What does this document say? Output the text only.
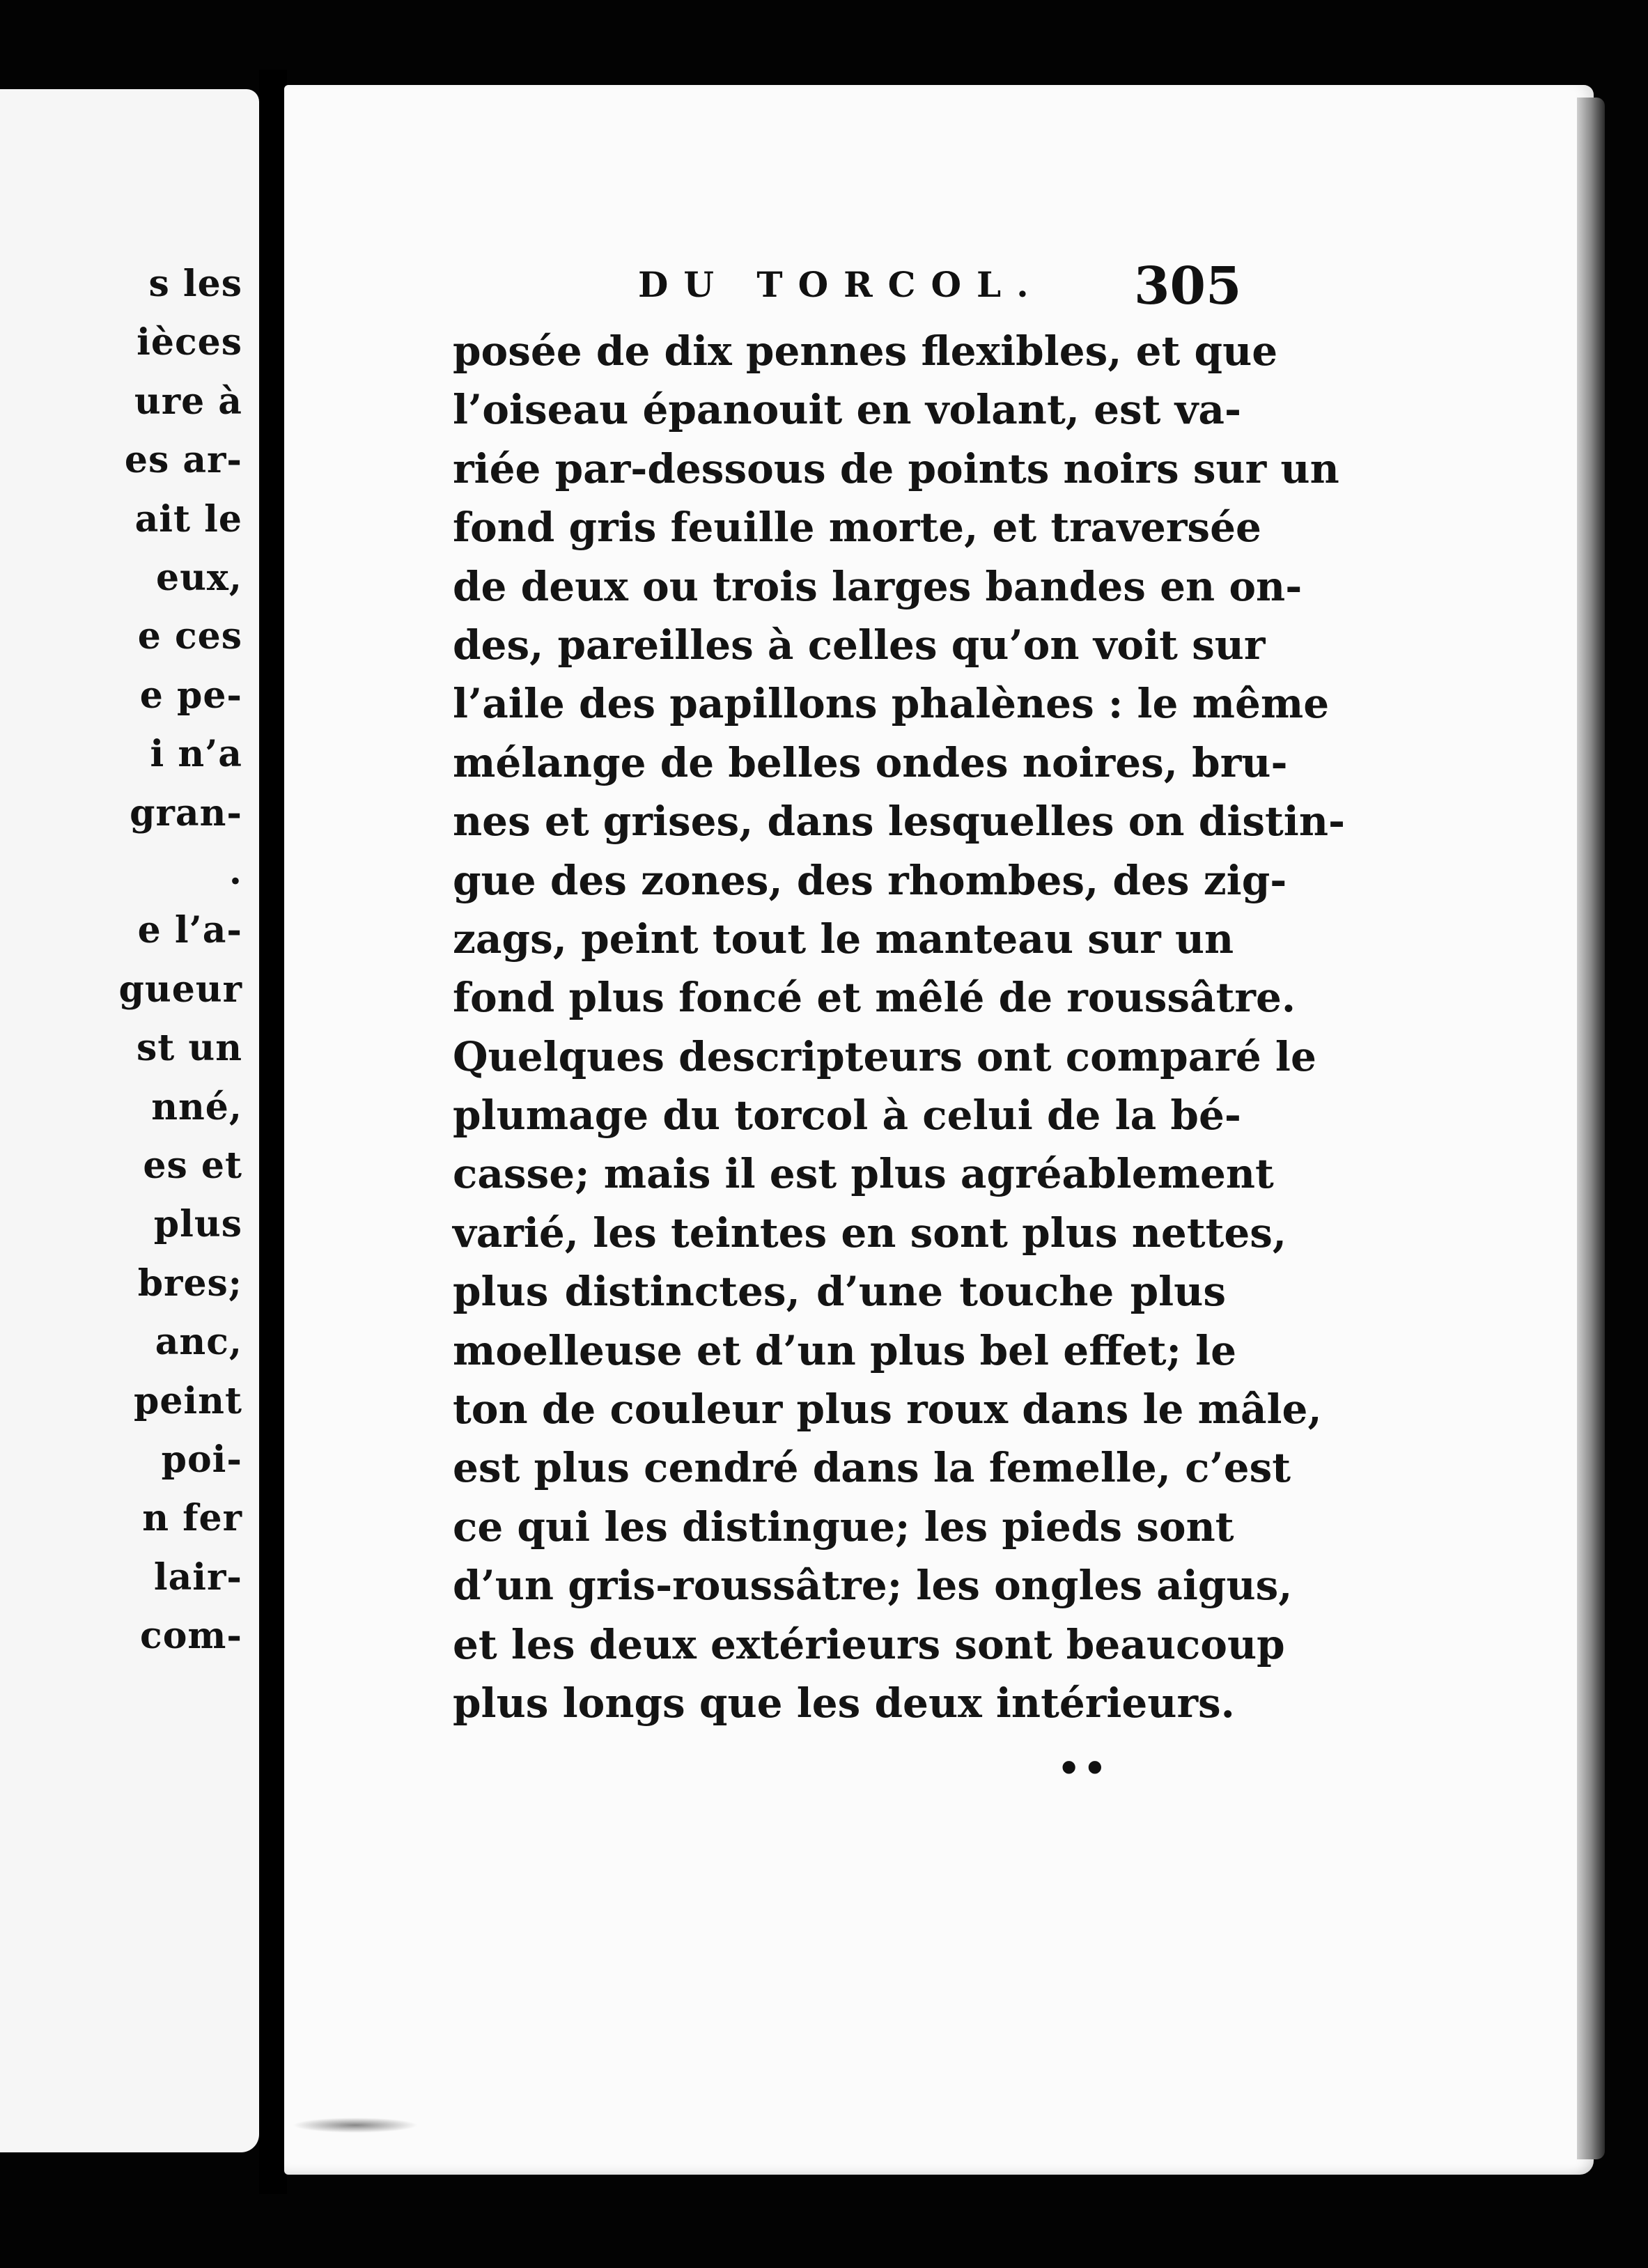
s les
ièces
ure à
es ar-
ait le
eux,
e ces
e pe-
i n’a
gran-
.
e l’a-
gueur
st un
nné,
es et
plus
bres;
anc,
peint
poi-
n fer
lair-
com-
DU TORCOL. 305
posée de dix pennes flexibles, et que
l’oiseau épanouit en volant, est va-
riée par-dessous de points noirs sur un
fond gris feuille morte, et traversée
de deux ou trois larges bandes en on-
des, pareilles à celles qu’on voit sur
l’aile des papillons phalènes : le même
mélange de belles ondes noires, bru-
nes et grises, dans lesquelles on distin-
gue des zones, des rhombes, des zig-
zags, peint tout le manteau sur un
fond plus foncé et mêlé de roussâtre.
Quelques descripteurs ont comparé le
plumage du torcol à celui de la bé-
casse; mais il est plus agréablement
varié, les teintes en sont plus nettes,
plus distinctes, d’une touche plus
moelleuse et d’un plus bel effet; le
ton de couleur plus roux dans le mâle,
est plus cendré dans la femelle, c’est
ce qui les distingue; les pieds sont
d’un gris-roussâtre; les ongles aigus,
et les deux extérieurs sont beaucoup
plus longs que les deux intérieurs.
••
